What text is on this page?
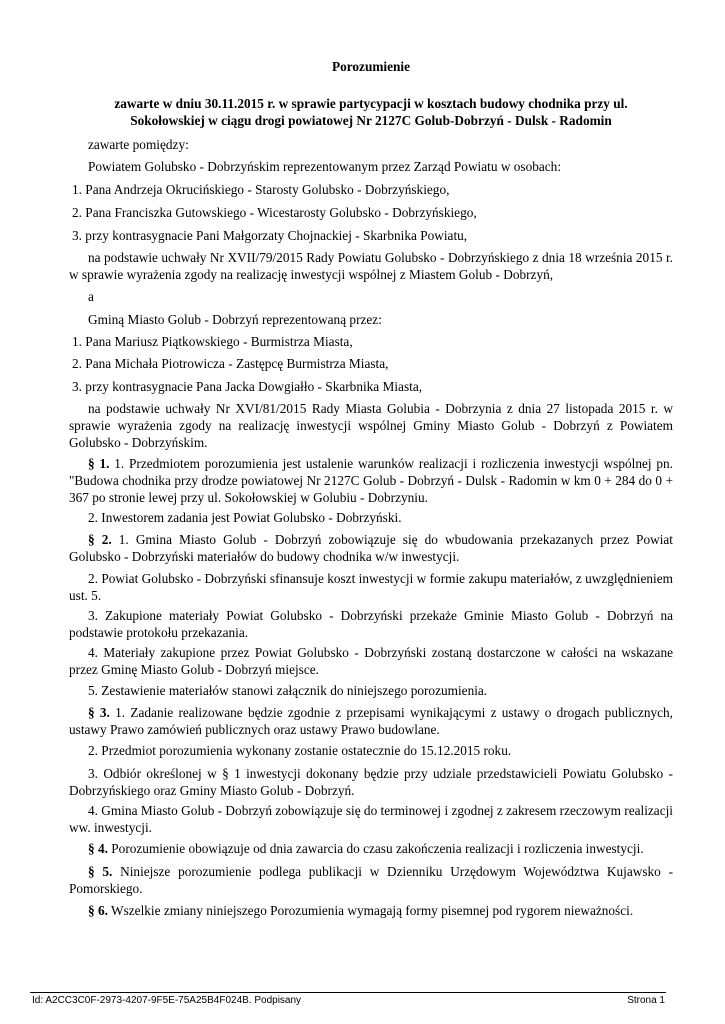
Porozumienie

zawarte w dniu 30.11.2015 r. w sprawie partycypacji w kosztach budowy chodnika przy ul.
Sokołowskiej w ciągu drogi powiatowej Nr 2127C Golub-Dobrzyń - Dulsk - Radomin

zawarte pomiędzy:

Powiatem Golubsko - Dobrzyńskim reprezentowanym przez Zarząd Powiatu w osobach:

1. Pana Andrzeja Okrucińskiego - Starosty Golubsko - Dobrzyńskiego,

2. Pana Franciszka Gutowskiego - Wicestarosty Golubsko - Dobrzyńskiego,

3. przy kontrasygnacie Pani Małgorzaty Chojnackiej - Skarbnika Powiatu,

na podstawie uchwały Nr XVII/79/2015 Rady Powiatu Golubsko - Dobrzyńskiego z dnia 18 września 2015 r. w sprawie wyrażenia zgody na realizację inwestycji wspólnej z Miastem Golub - Dobrzyń,

a

Gminą Miasto Golub - Dobrzyń reprezentowaną przez:

1. Pana Mariusz Piątkowskiego - Burmistrza Miasta,

2. Pana Michała Piotrowicza - Zastępcę Burmistrza Miasta,

3. przy kontrasygnacie Pana Jacka Dowgiałło - Skarbnika Miasta,

na podstawie uchwały Nr XVI/81/2015 Rady Miasta Golubia - Dobrzynia z dnia 27 listopada 2015 r. w sprawie wyrażenia zgody na realizację inwestycji wspólnej Gminy Miasto Golub - Dobrzyń z Powiatem Golubsko - Dobrzyńskim.

§ 1. 1. Przedmiotem porozumienia jest ustalenie warunków realizacji i rozliczenia inwestycji wspólnej pn. "Budowa chodnika przy drodze powiatowej Nr 2127C Golub - Dobrzyń - Dulsk - Radomin w km 0 + 284 do 0 + 367 po stronie lewej przy ul. Sokołowskiej w Golubiu - Dobrzyniu.

2. Inwestorem zadania jest Powiat Golubsko - Dobrzyński.

§ 2. 1. Gmina Miasto Golub - Dobrzyń zobowiązuje się do wbudowania przekazanych przez Powiat Golubsko - Dobrzyński materiałów do budowy chodnika w/w inwestycji.

2. Powiat Golubsko - Dobrzyński sfinansuje koszt inwestycji w formie zakupu materiałów, z uwzględnieniem ust. 5.

3. Zakupione materiały Powiat Golubsko - Dobrzyński przekaże Gminie Miasto Golub - Dobrzyń na podstawie protokołu przekazania.

4. Materiały zakupione przez Powiat Golubsko - Dobrzyński zostaną dostarczone w całości na wskazane przez Gminę Miasto Golub - Dobrzyń miejsce.

5. Zestawienie materiałów stanowi załącznik do niniejszego porozumienia.

§ 3. 1. Zadanie realizowane będzie zgodnie z przepisami wynikającymi z ustawy o drogach publicznych, ustawy Prawo zamówień publicznych oraz ustawy Prawo budowlane.

2. Przedmiot porozumienia wykonany zostanie ostatecznie do 15.12.2015 roku.

3. Odbiór określonej w § 1 inwestycji dokonany będzie przy udziale przedstawicieli Powiatu Golubsko - Dobrzyńskiego oraz Gminy Miasto Golub - Dobrzyń.

4. Gmina Miasto Golub - Dobrzyń zobowiązuje się do terminowej i zgodnej z zakresem rzeczowym realizacji ww. inwestycji.

§ 4. Porozumienie obowiązuje od dnia zawarcia do czasu zakończenia realizacji i rozliczenia inwestycji.

§ 5. Niniejsze porozumienie podlega publikacji w Dzienniku Urzędowym Województwa Kujawsko - Pomorskiego.

§ 6. Wszelkie zmiany niniejszego Porozumienia wymagają formy pisemnej pod rygorem nieważności.

Id: A2CC3C0F-2973-4207-9F5E-75A25B4F024B. Podpisany	Strona 1
